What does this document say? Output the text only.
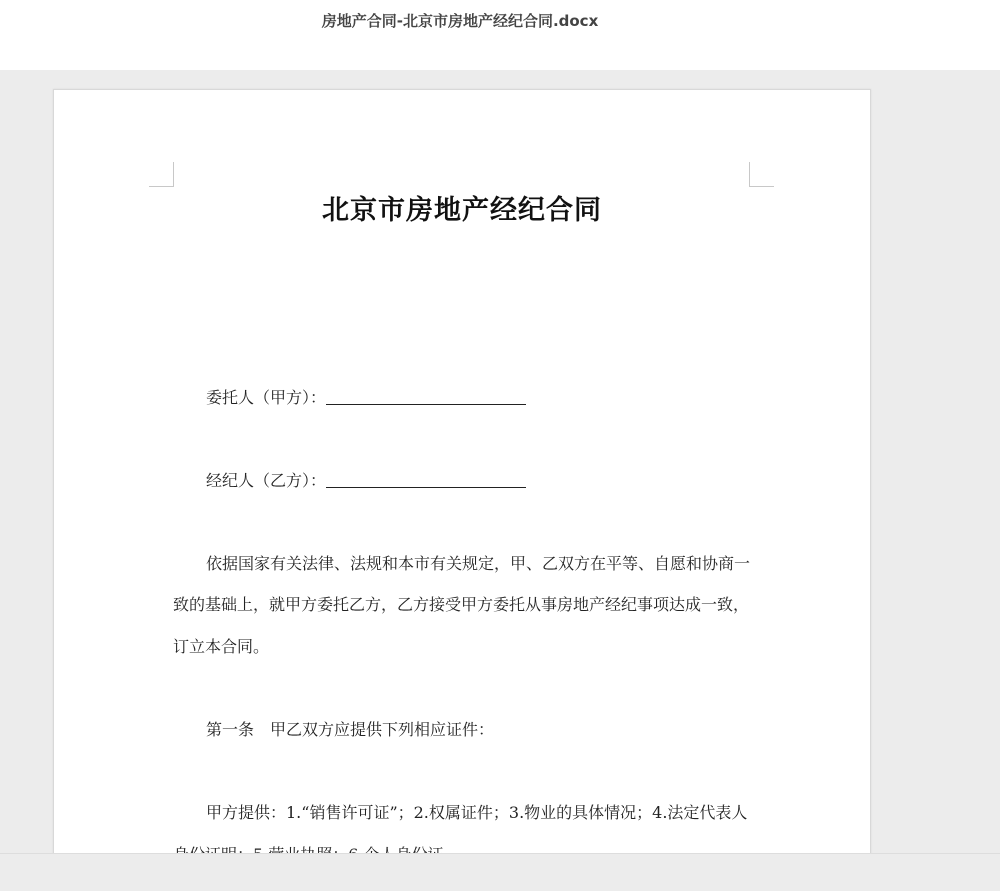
房地产合同-北京市房地产经纪合同.docx
北京市房地产经纪合同
委托人（甲方）：
经纪人（乙方）：
依据国家有关法律、法规和本市有关规定，甲、乙双方在平等、自愿和协商一
致的基础上，就甲方委托乙方，乙方接受甲方委托从事房地产经纪事项达成一致，
订立本合同。
第一条　甲乙双方应提供下列相应证件：
甲方提供：1.“销售许可证”；2.权属证件；3.物业的具体情况；4.法定代表人
